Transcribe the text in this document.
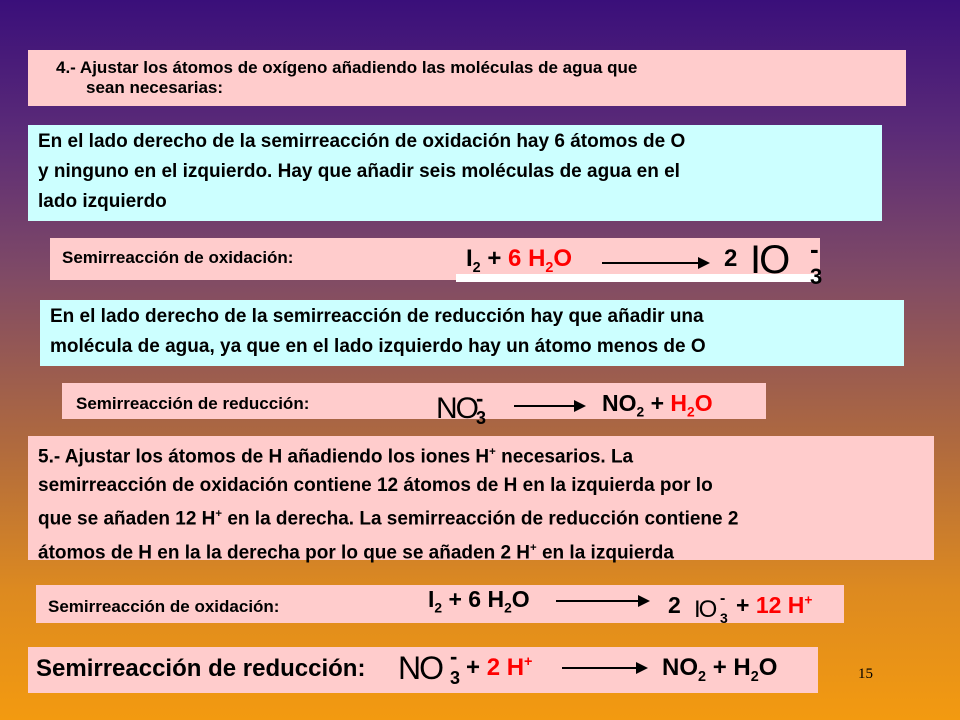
4.- Ajustar los átomos de oxígeno añadiendo las moléculas de agua que
sean necesarias:
En el lado derecho de la semirreacción de oxidación hay 6 átomos de O
y ninguno en el izquierdo. Hay que añadir seis moléculas de agua en el
lado izquierdo
Semirreacción de oxidación:	$I_2 + 6$ $H_2O$	2 IO -
3
En el lado derecho de la semirreacción de reducción hay que añadir una
molécula de agua, ya que en el lado izquierdo hay un átomo menos de O
Semirreacción de reducción:	NO -
3
$NO_2 + H_2O$
5.- Ajustar los átomos de H añadiendo los iones H+ necesarios. La
semirreacción de oxidación contiene 12 átomos de H en la izquierda por lo
que se añaden 12 H+ en la derecha. La semirreacción de reducción contiene 2
átomos de H en la la derecha por lo que se añaden 2 H+ en la izquierda
Semirreacción de oxidación:	$I_2 + 6$ $H_2O$	2 IO -
3 + 12 H+
Semirreacción de reducción: NO -
3 + 2 H+	$NO_2 + H_2O$	15
